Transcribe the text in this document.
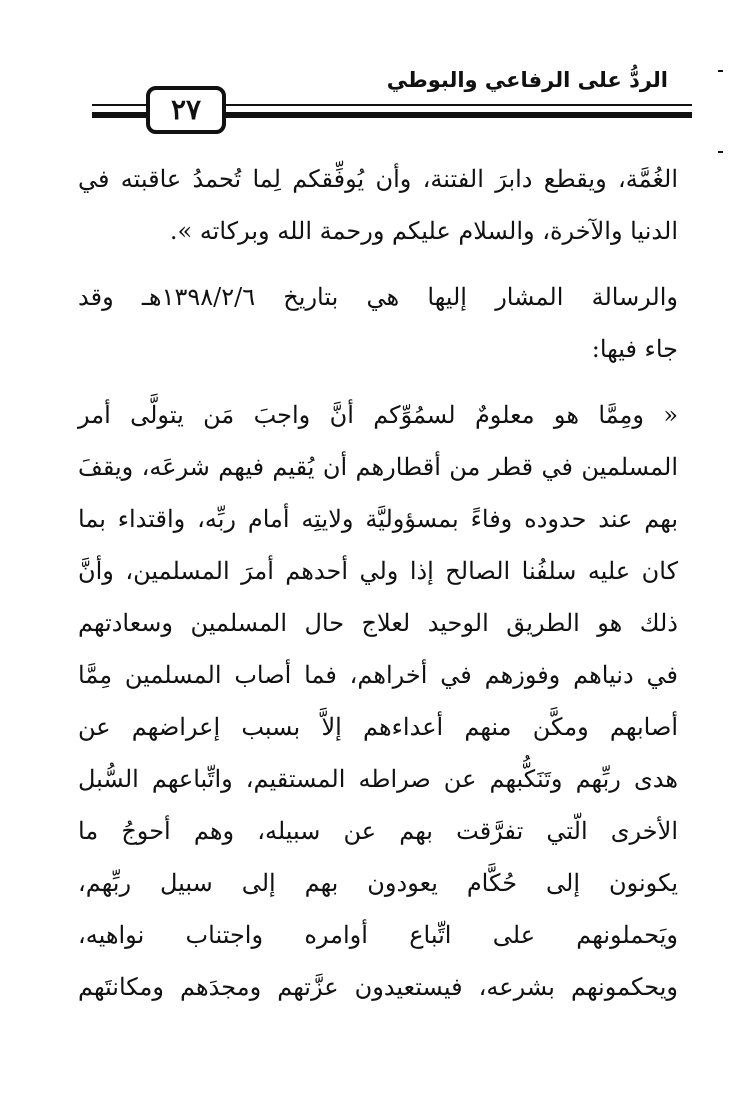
الردُّ على الرفاعي والبوطي
٢٧
الغُمَّة، ويقطع دابرَ الفتنة، وأن يُوفِّقكم لِما تُحمدُ عاقبته في
الدنيا والآخرة، والسلام عليكم ورحمة الله وبركاته ».
والرسالة المشار إليها هي بتاريخ ١٣٩٨/٢/٦هـ وقد
جاء فيها:
« ومِمَّا هو معلومٌ لسمُوِّكم أنَّ واجبَ مَن يتولَّى أمر
المسلمين في قطر من أقطارهم أن يُقيم فيهم شرعَه، ويقفَ
بهم عند حدوده وفاءً بمسؤوليَّة ولايتِه أمام ربِّه، واقتداء بما
كان عليه سلفُنا الصالح إذا ولي أحدهم أمرَ المسلمين، وأنَّ
ذلك هو الطريق الوحيد لعلاج حال المسلمين وسعادتهم
في دنياهم وفوزهم في أخراهم، فما أصاب المسلمين مِمَّا
أصابهم ومكَّن منهم أعداءهم إلاَّ بسبب إعراضهم عن
هدى ربِّهم وتَنَكُّبهم عن صراطه المستقيم، واتِّباعهم السُّبل
الأخرى الّتي تفرَّقت بهم عن سبيله، وهم أحوجُ ما
يكونون إلى حُكَّام يعودون بهم إلى سبيل ربِّهم،
ويَحملونهم على اتِّباع أوامره واجتناب نواهيه،
ويحكمونهم بشرعه، فيستعيدون عزَّتهم ومجدَهم ومكانتَهم
